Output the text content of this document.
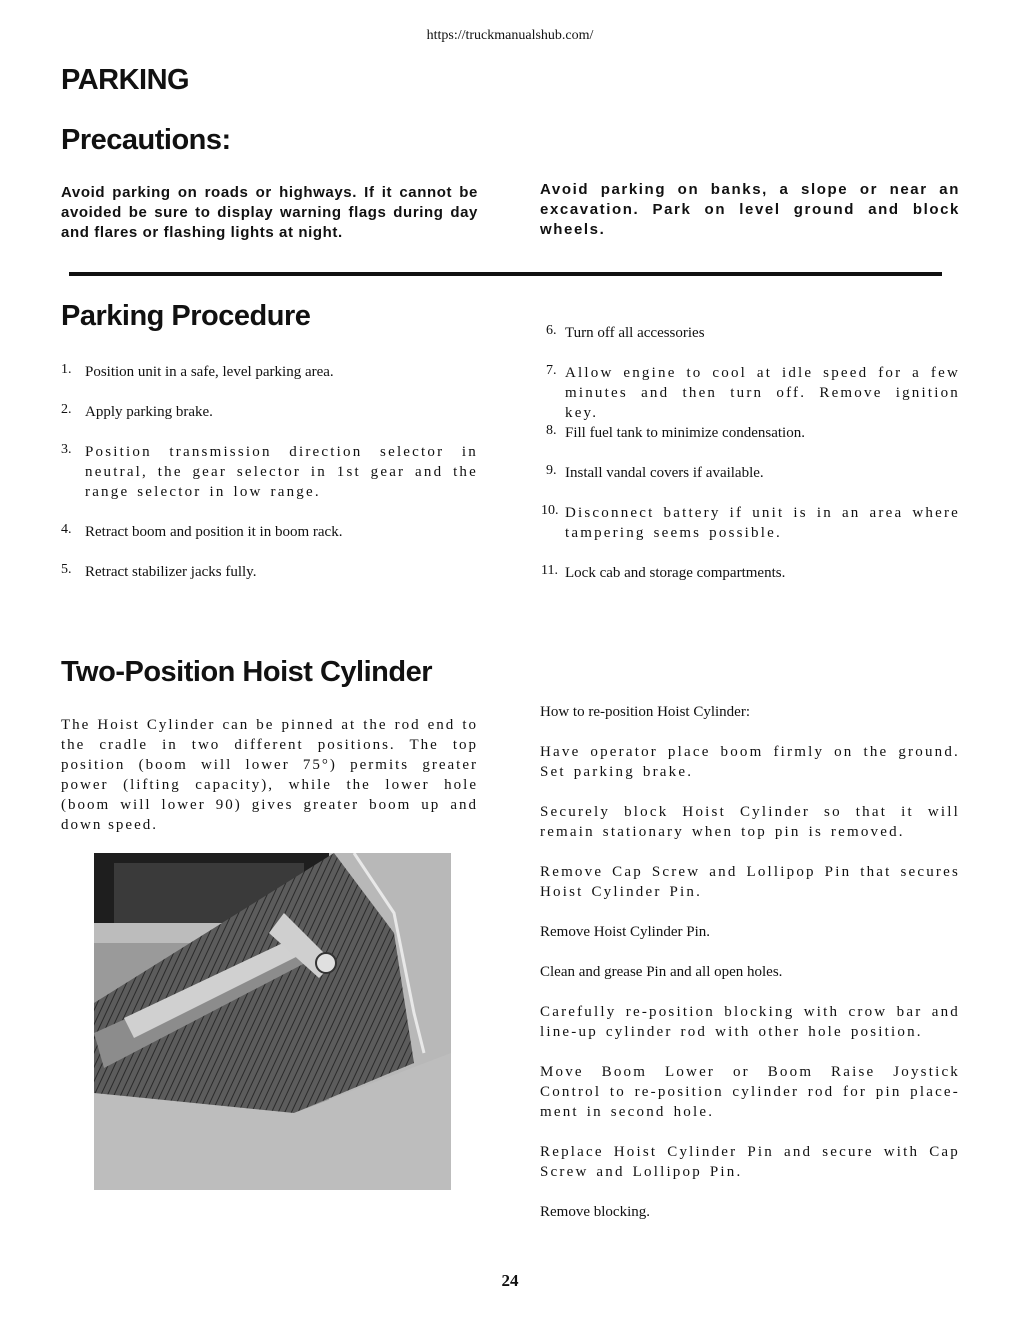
https://truckmanualshub.com/
PARKING
Precautions:
Avoid parking on roads or highways. If it cannot be avoided be sure to display warning flags during day and flares or flashing lights at night.
Avoid parking on banks, a slope or near an excavation. Park on level ground and block wheels.
Parking Procedure
1. Position unit in a safe, level parking area.
2. Apply parking brake.
3. Position transmission direction selector in neutral, the gear selector in 1st gear and the range selector in low range.
4. Retract boom and position it in boom rack.
5. Retract stabilizer jacks fully.
6. Turn off all accessories
7. Allow engine to cool at idle speed for a few minutes and then turn off. Remove ignition key.
8. Fill fuel tank to minimize condensation.
9. Install vandal covers if available.
10. Disconnect battery if unit is in an area where tampering seems possible.
11. Lock cab and storage compartments.
Two-Position Hoist Cylinder
The Hoist Cylinder can be pinned at the rod end to the cradle in two different positions. The top position (boom will lower 75°) permits greater power (lifting capacity), while the lower hole (boom will lower 90) gives greater boom up and down speed.
How to re-position Hoist Cylinder:
Have operator place boom firmly on the ground. Set parking brake.
Securely block Hoist Cylinder so that it will remain stationary when top pin is removed.
Remove Cap Screw and Lollipop Pin that secures Hoist Cylinder Pin.
Remove Hoist Cylinder Pin.
Clean and grease Pin and all open holes.
Carefully re-position blocking with crow bar and line-up cylinder rod with other hole position.
Move Boom Lower or Boom Raise Joystick Control to re-position cylinder rod for pin place-ment in second hole.
Replace Hoist Cylinder Pin and secure with Cap Screw and Lollipop Pin.
Remove blocking.
24
